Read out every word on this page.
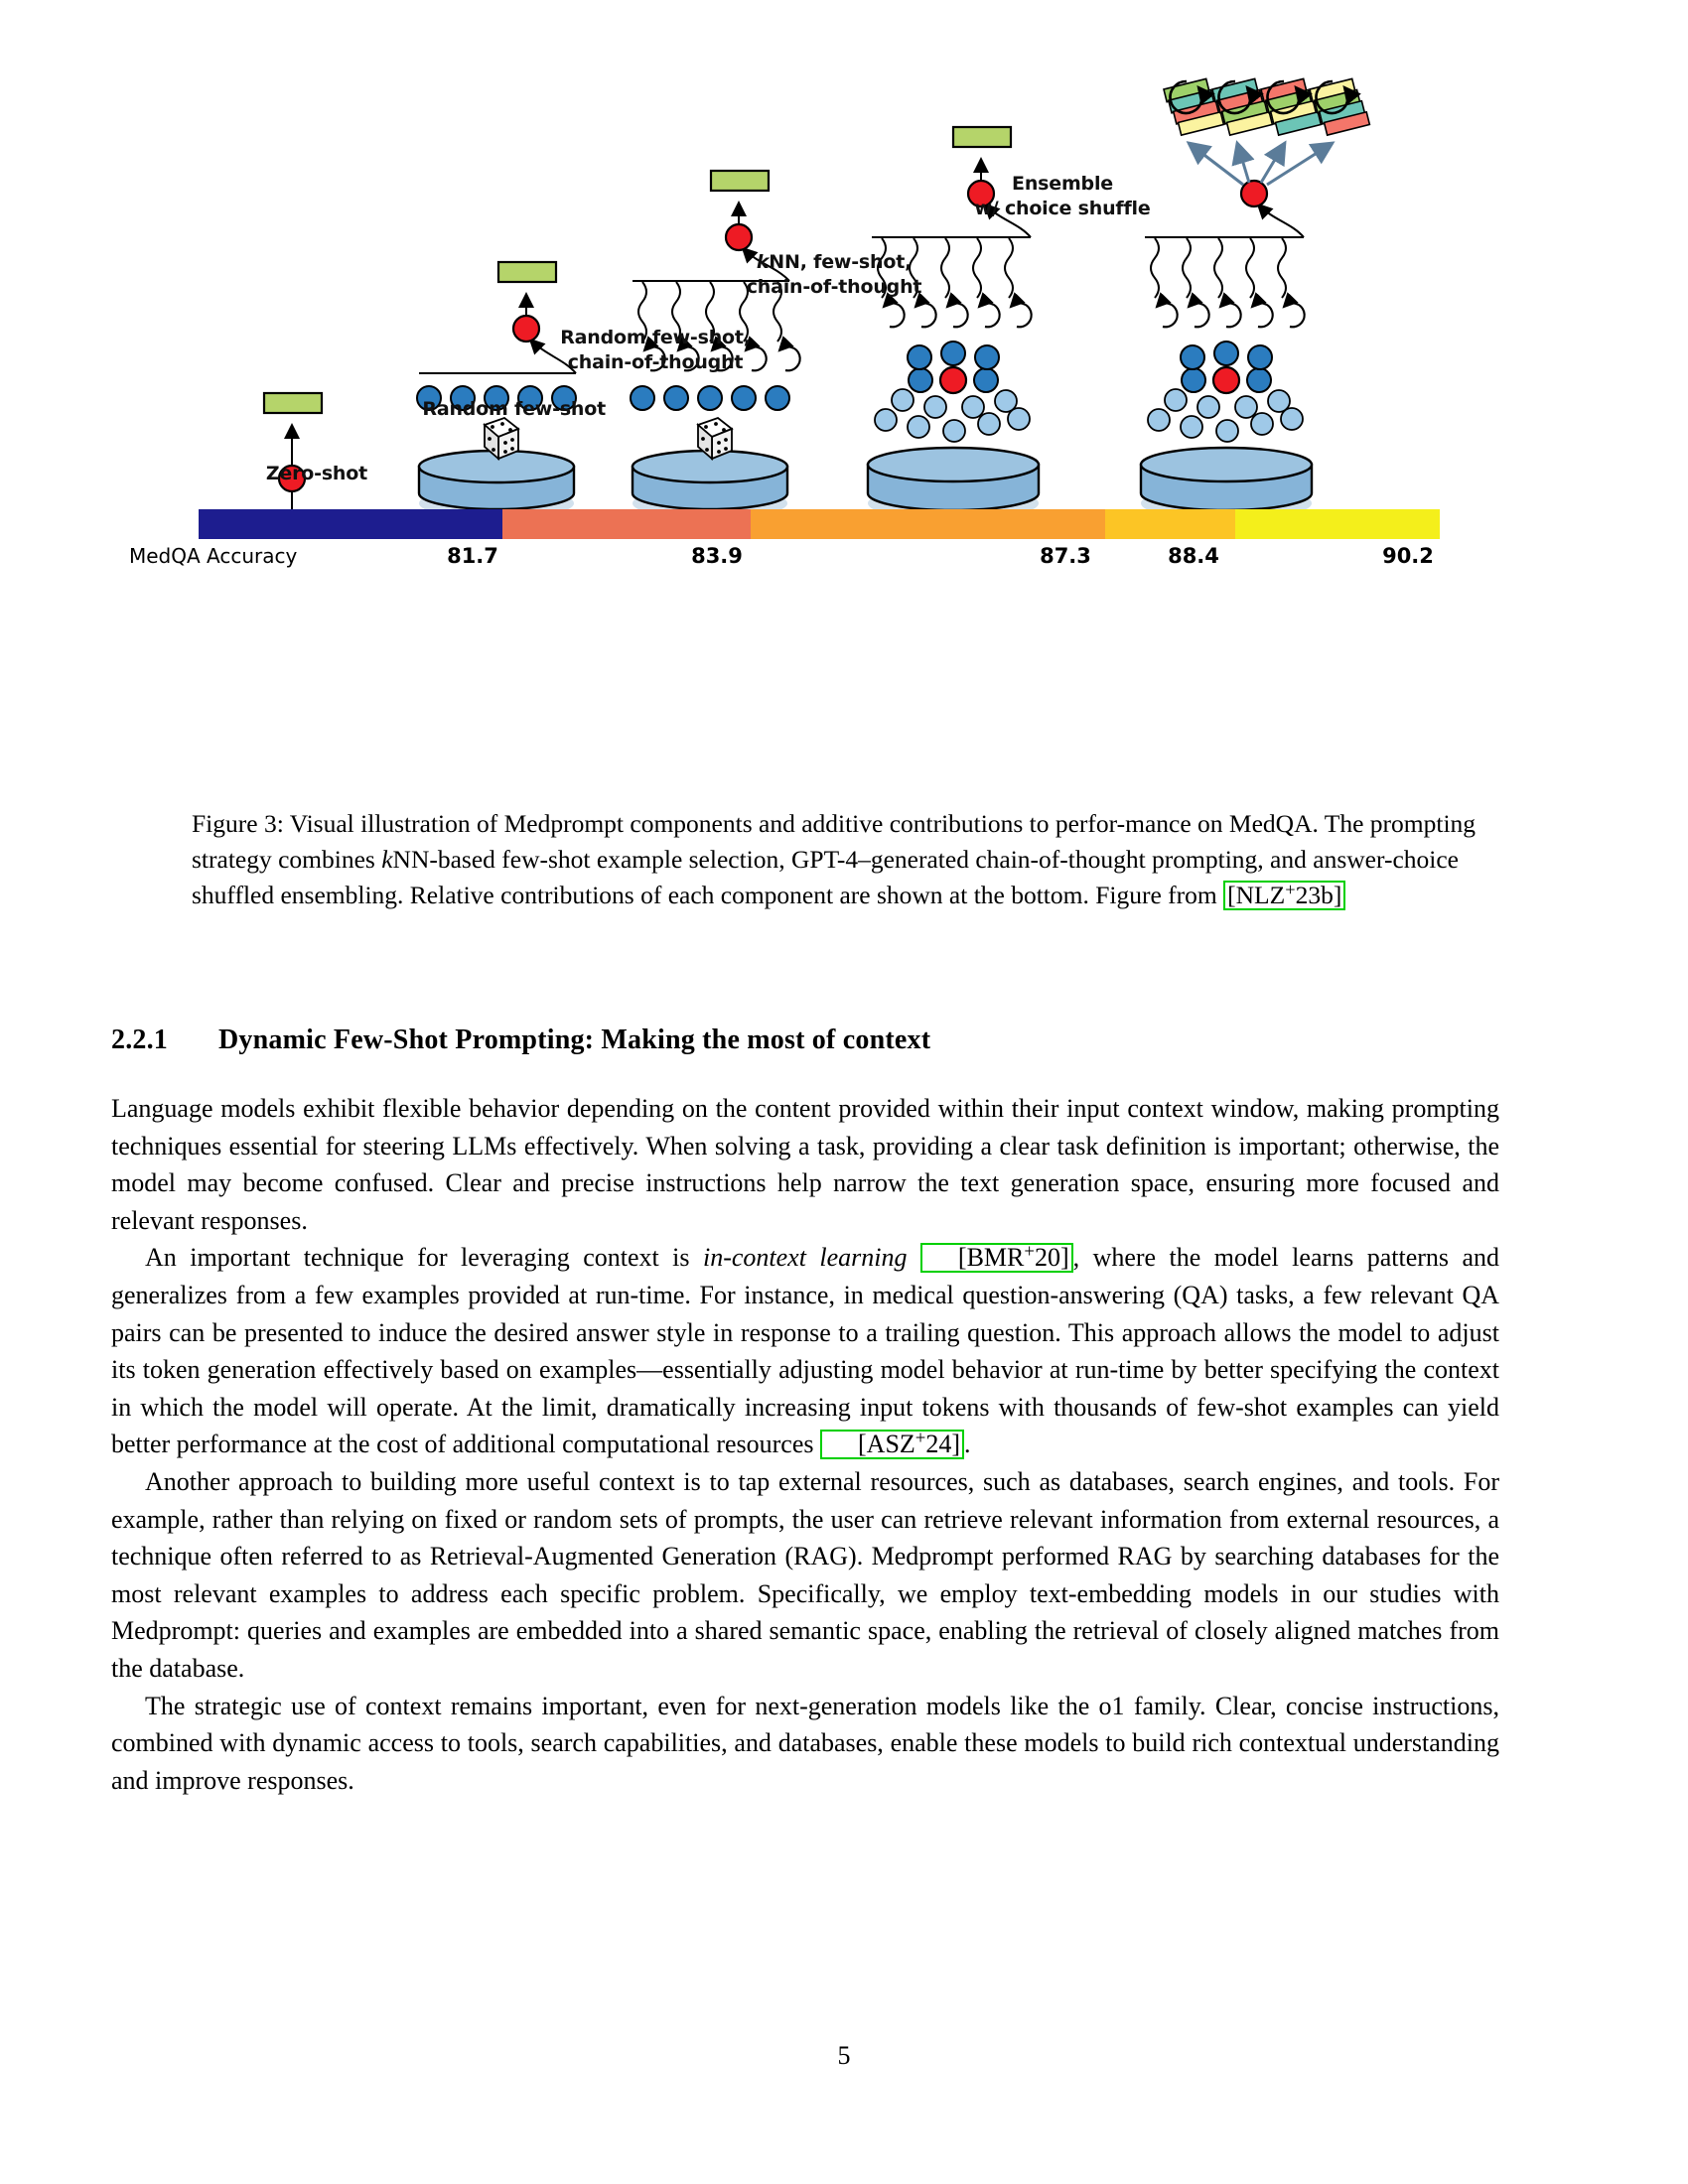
Zero-shot
Random few-shot
Random few-shot,
chain-of-thought
kNN, few-shot,
chain-of-thought
Ensemble
w/ choice shuffle
MedQA Accuracy	81.7	83.9	87.3	88.4	90.2
Figure 3: Visual illustration of Medprompt components and additive contributions to perfor-mance on MedQA. The prompting strategy combines kNN-based few-shot example selection, GPT-4–generated chain-of-thought prompting, and answer-choice shuffled ensembling. Relative contributions of each component are shown at the bottom. Figure from [NLZ+23b]
2.2.1 Dynamic Few-Shot Prompting: Making the most of context

Language models exhibit flexible behavior depending on the content provided within their input context window, making prompting techniques essential for steering LLMs effectively. When solving a task, providing a clear task definition is important; otherwise, the model may become confused. Clear and precise instructions help narrow the text generation space, ensuring more focused and relevant responses.

An important technique for leveraging context is in-context learning [BMR+20] , where the model learns patterns and generalizes from a few examples provided at run-time. For instance, in medical question-answering (QA) tasks, a few relevant QA pairs can be presented to induce the desired answer style in response to a trailing question. This approach allows the model to adjust its token generation effectively based on examples—essentially adjusting model behavior at run-time by better specifying the context in which the model will operate. At the limit, dramatically increasing input tokens with thousands of few-shot examples can yield better performance at the cost of additional computational resources [ASZ+24] .

Another approach to building more useful context is to tap external resources, such as databases, search engines, and tools. For example, rather than relying on fixed or random sets of prompts, the user can retrieve relevant information from external resources, a technique often referred to as Retrieval-Augmented Generation (RAG). Medprompt performed RAG by searching databases for the most relevant examples to address each specific problem. Specifically, we employ text-embedding models in our studies with Medprompt: queries and examples are embedded into a shared semantic space, enabling the retrieval of closely aligned matches from the database.

The strategic use of context remains important, even for next-generation models like the o1 family. Clear, concise instructions, combined with dynamic access to tools, search capabilities, and databases, enable these models to build rich contextual understanding and improve responses.

5
